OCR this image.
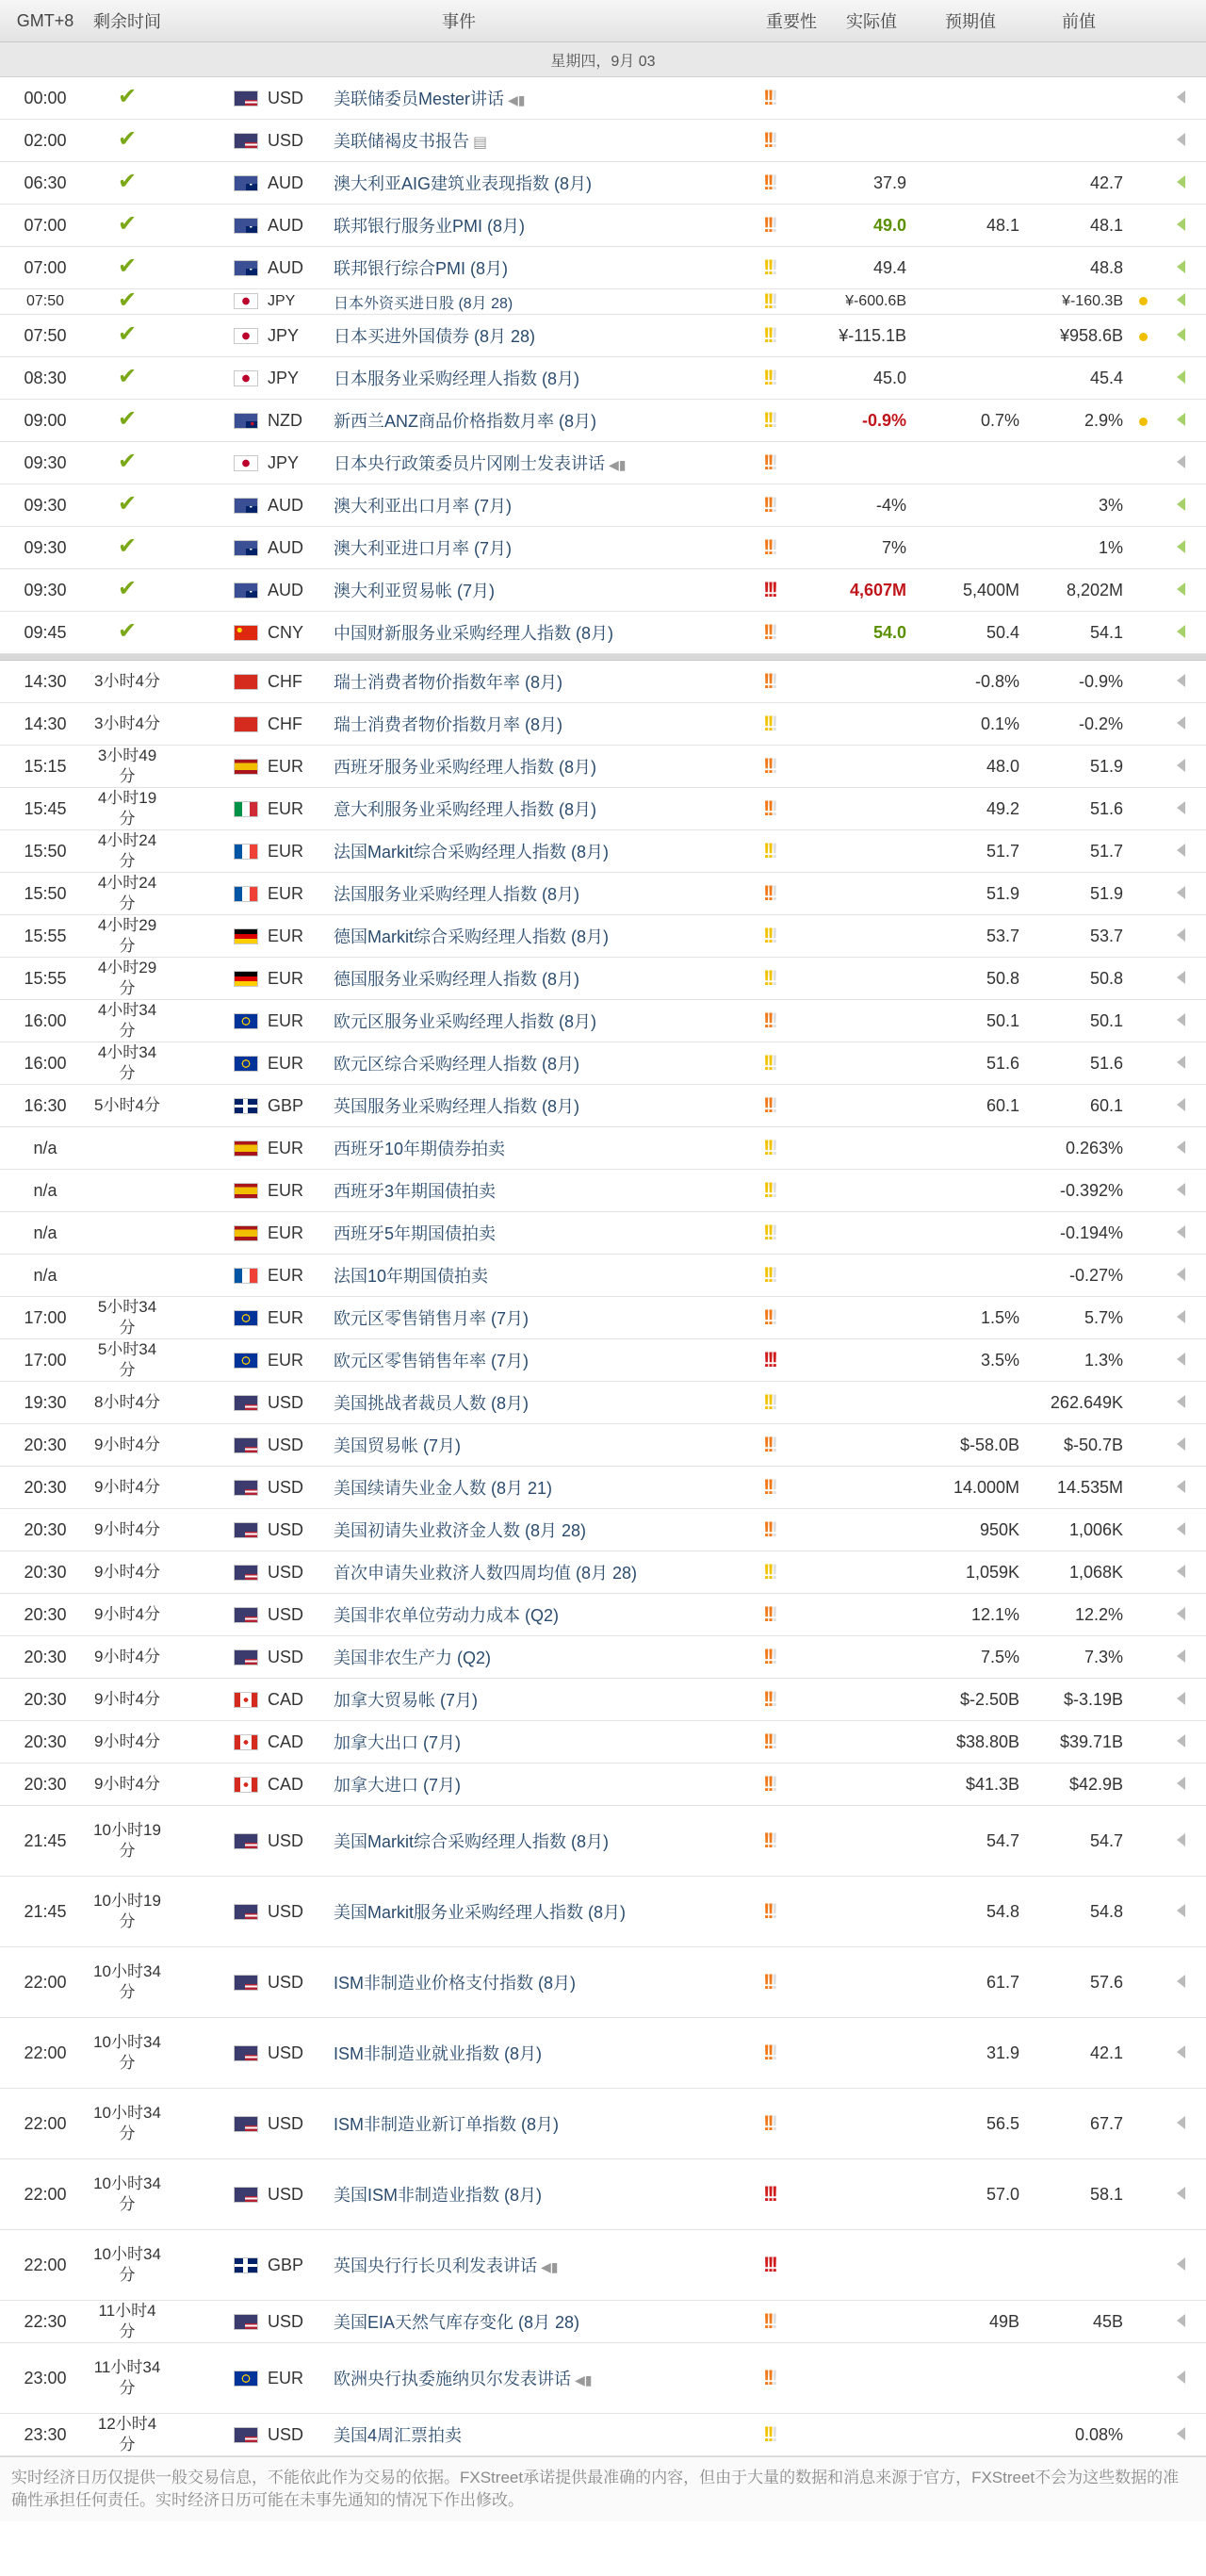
GMT+8	剩余时间	事件			重要性	实际值	预期值	前值		
星期四，9月 03										
00:00	✔		USD	美联储委员Mester讲话 ◀▮	!!!					
02:00	✔		USD	美联储褐皮书报告 ▤	!!!					
06:30	✔		AUD	澳大利亚AIG建筑业表现指数 (8月)	!!!	37.9		42.7		
07:00	✔		AUD	联邦银行服务业PMI (8月)	!!!	49.0	48.1	48.1		
07:00	✔		AUD	联邦银行综合PMI (8月)	!!!	49.4		48.8		
07:50	✔		JPY	日本外资买进日股 (8月 28)	!!!	¥-600.6B		¥-160.3B		
07:50	✔		JPY	日本买进外国债券 (8月 28)	!!!	¥-115.1B		¥958.6B		
08:30	✔		JPY	日本服务业采购经理人指数 (8月)	!!!	45.0		45.4		
09:00	✔		NZD	新西兰ANZ商品价格指数月率 (8月)	!!!	-0.9%	0.7%	2.9%		
09:30	✔		JPY	日本央行政策委员片冈刚士发表讲话 ◀▮	!!!					
09:30	✔		AUD	澳大利亚出口月率 (7月)	!!!	-4%		3%		
09:30	✔		AUD	澳大利亚进口月率 (7月)	!!!	7%		1%		
09:30	✔		AUD	澳大利亚贸易帐 (7月)	!!!	4,607M	5,400M	8,202M		
09:45	✔		CNY	中国财新服务业采购经理人指数 (8月)	!!!	54.0	50.4	54.1		

14:30	3小时4分		CHF	瑞士消费者物价指数年率 (8月)	!!!		-0.8%	-0.9%		
14:30	3小时4分		CHF	瑞士消费者物价指数月率 (8月)	!!!		0.1%	-0.2%		
15:15	3小时49分		EUR	西班牙服务业采购经理人指数 (8月)	!!!		48.0	51.9		
15:45	4小时19分		EUR	意大利服务业采购经理人指数 (8月)	!!!		49.2	51.6		
15:50	4小时24分		EUR	法国Markit综合采购经理人指数 (8月)	!!!		51.7	51.7		
15:50	4小时24分		EUR	法国服务业采购经理人指数 (8月)	!!!		51.9	51.9		
15:55	4小时29分		EUR	德国Markit综合采购经理人指数 (8月)	!!!		53.7	53.7		
15:55	4小时29分		EUR	德国服务业采购经理人指数 (8月)	!!!		50.8	50.8		
16:00	4小时34分		EUR	欧元区服务业采购经理人指数 (8月)	!!!		50.1	50.1		
16:00	4小时34分		EUR	欧元区综合采购经理人指数 (8月)	!!!		51.6	51.6		
16:30	5小时4分		GBP	英国服务业采购经理人指数 (8月)	!!!		60.1	60.1		
n/a			EUR	西班牙10年期债券拍卖	!!!			0.263%		
n/a			EUR	西班牙3年期国债拍卖	!!!			-0.392%		
n/a			EUR	西班牙5年期国债拍卖	!!!			-0.194%		
n/a			EUR	法国10年期国债拍卖	!!!			-0.27%		
17:00	5小时34分		EUR	欧元区零售销售月率 (7月)	!!!		1.5%	5.7%		
17:00	5小时34分		EUR	欧元区零售销售年率 (7月)	!!!		3.5%	1.3%		
19:30	8小时4分		USD	美国挑战者裁员人数 (8月)	!!!			262.649K		
20:30	9小时4分		USD	美国贸易帐 (7月)	!!!		$-58.0B	$-50.7B		
20:30	9小时4分		USD	美国续请失业金人数 (8月 21)	!!!		14.000M	14.535M		
20:30	9小时4分		USD	美国初请失业救济金人数 (8月 28)	!!!		950K	1,006K		
20:30	9小时4分		USD	首次申请失业救济人数四周均值 (8月 28)	!!!		1,059K	1,068K		
20:30	9小时4分		USD	美国非农单位劳动力成本 (Q2)	!!!		12.1%	12.2%		
20:30	9小时4分		USD	美国非农生产力 (Q2)	!!!		7.5%	7.3%		
20:30	9小时4分		CAD	加拿大贸易帐 (7月)	!!!		$-2.50B	$-3.19B		
20:30	9小时4分		CAD	加拿大出口 (7月)	!!!		$38.80B	$39.71B		
20:30	9小时4分		CAD	加拿大进口 (7月)	!!!		$41.3B	$42.9B		
21:45	10小时19分		USD	美国Markit综合采购经理人指数 (8月)	!!!		54.7	54.7		
21:45	10小时19分		USD	美国Markit服务业采购经理人指数 (8月)	!!!		54.8	54.8		
22:00	10小时34分		USD	ISM非制造业价格支付指数 (8月)	!!!		61.7	57.6		
22:00	10小时34分		USD	ISM非制造业就业指数 (8月)	!!!		31.9	42.1		
22:00	10小时34分		USD	ISM非制造业新订单指数 (8月)	!!!		56.5	67.7		
22:00	10小时34分		USD	美国ISM非制造业指数 (8月)	!!!		57.0	58.1		
22:00	10小时34分		GBP	英国央行行长贝利发表讲话 ◀▮	!!!					
22:30	11小时4分		USD	美国EIA天然气库存变化 (8月 28)	!!!		49B	45B		
23:00	11小时34分		EUR	欧洲央行执委施纳贝尔发表讲话 ◀▮	!!!					
23:30	12小时4分		USD	美国4周汇票拍卖	!!!			0.08%		
实时经济日历仅提供一般交易信息，不能依此作为交易的依据。FXStreet承诺提供最准确的内容，但由于大量的数据和消息来源于官方，FXStreet不会为这些数据的准确性承担任何责任。实时经济日历可能在未事先通知的情况下作出修改。
